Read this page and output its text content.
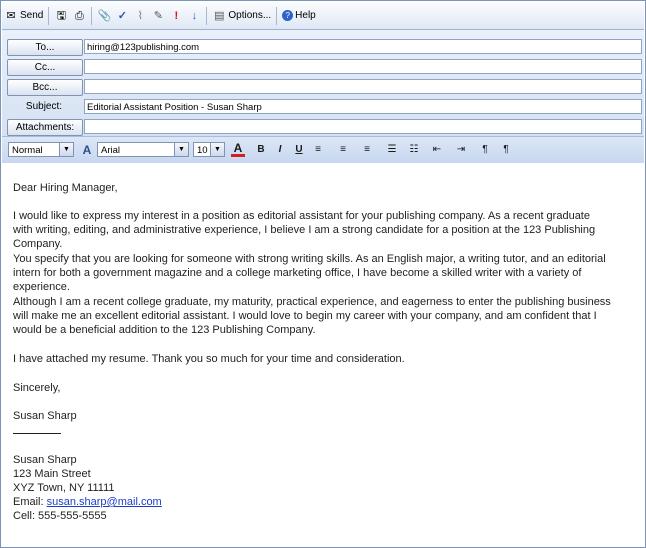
✉ Send 🖫 ⎙ 📎 ✓ ⌇ ✎	!	↓	▤ Options...	? Help
To...	hiring@123publishing.com
Cc...
Bcc...
Subject:	Editorial Assistant Position - Susan Sharp
Attachments:
Normal	▼ A	Arial	▼	10 ▼ A	B	I	U	≡	≡	≡	☰ ☷ ⇤ ⇥	¶	¶

Dear Hiring Manager,

I would like to express my interest in a position as editorial assistant for your publishing company. As a recent graduate

with writing, editing, and administrative experience, I believe I am a strong candidate for a position at the 123 Publishing Company.

You specify that you are looking for someone with strong writing skills. As an English major, a writing tutor, and an editorial

intern for both a government magazine and a college marketing office, I have become a skilled writer with a variety of experience.

Although I am a recent college graduate, my maturity, practical experience, and eagerness to enter the publishing business

will make me an excellent editorial assistant. I would love to begin my career with your company, and am confident that I

would be a beneficial addition to the 123 Publishing Company.

I have attached my resume. Thank you so much for your time and consideration.

Sincerely,

Susan Sharp

Susan Sharp

123 Main Street

XYZ Town, NY 11111

Email: susan.sharp@mail.com

Cell: 555-555-5555
